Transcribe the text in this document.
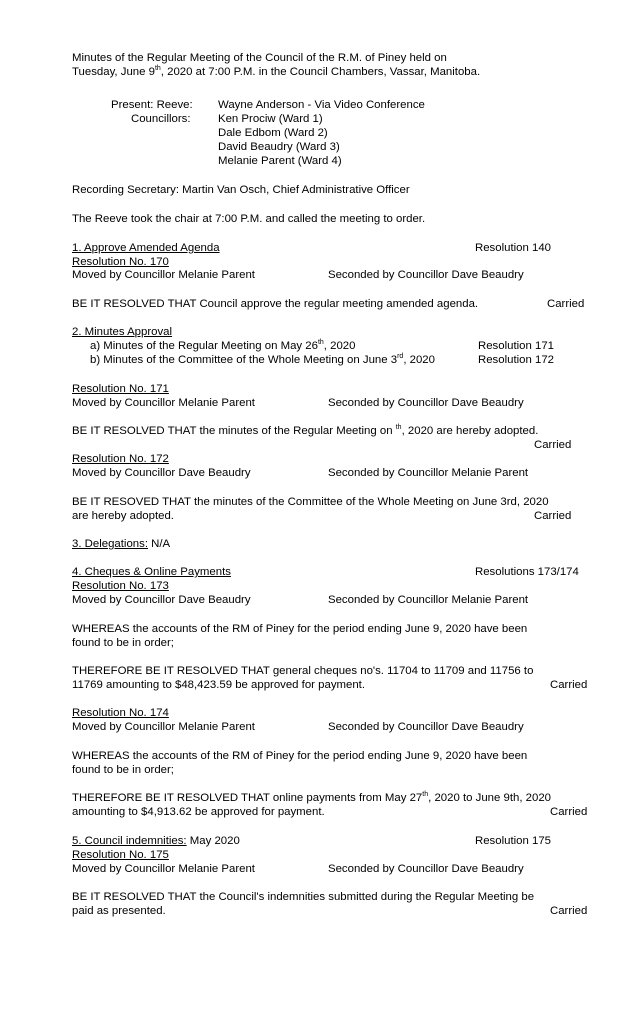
Minutes of the Regular Meeting of the Council of the R.M. of Piney held on
Tuesday, June 9th, 2020 at 7:00 P.M. in the Council Chambers, Vassar, Manitoba.
Present: Reeve: Wayne Anderson - Via Video Conference
Councillors: Ken Prociw (Ward 1)
Dale Edbom (Ward 2)
David Beaudry (Ward 3)
Melanie Parent (Ward 4)
Recording Secretary: Martin Van Osch, Chief Administrative Officer
The Reeve took the chair at 7:00 P.M. and called the meeting to order.
1. Approve Amended Agenda	Resolution 140
Resolution No. 170
Moved by Councillor Melanie Parent	Seconded by Councillor Dave Beaudry
BE IT RESOLVED THAT Council approve the regular meeting amended agenda.	Carried
2. Minutes Approval
a) Minutes of the Regular Meeting on May 26th, 2020	Resolution 171
b) Minutes of the Committee of the Whole Meeting on June 3rd, 2020	Resolution 172
Resolution No. 171
Moved by Councillor Melanie Parent	Seconded by Councillor Dave Beaudry
BE IT RESOLVED THAT the minutes of the Regular Meeting on $^{th}$, 2020 are hereby adopted.
Carried
Resolution No. 172
Moved by Councillor Dave Beaudry	Seconded by Councillor Melanie Parent
BE IT RESOVED THAT the minutes of the Committee of the Whole Meeting on June 3rd, 2020
are hereby adopted.	Carried
3. Delegations: N/A
4. Cheques & Online Payments	Resolutions 173/174
Resolution No. 173
Moved by Councillor Dave Beaudry	Seconded by Councillor Melanie Parent
WHEREAS the accounts of the RM of Piney for the period ending June 9, 2020 have been
found to be in order;
THEREFORE BE IT RESOLVED THAT general cheques no's. 11704 to 11709 and 11756 to
11769 amounting to $48,423.59 be approved for payment.	Carried
Resolution No. 174
Moved by Councillor Melanie Parent	Seconded by Councillor Dave Beaudry
WHEREAS the accounts of the RM of Piney for the period ending June 9, 2020 have been
found to be in order;
THEREFORE BE IT RESOLVED THAT online payments from May 27th, 2020 to June 9th, 2020
amounting to $4,913.62 be approved for payment.	Carried
5. Council indemnities: May 2020	Resolution 175
Resolution No. 175
Moved by Councillor Melanie Parent	Seconded by Councillor Dave Beaudry
BE IT RESOLVED THAT the Council's indemnities submitted during the Regular Meeting be
paid as presented.	Carried
